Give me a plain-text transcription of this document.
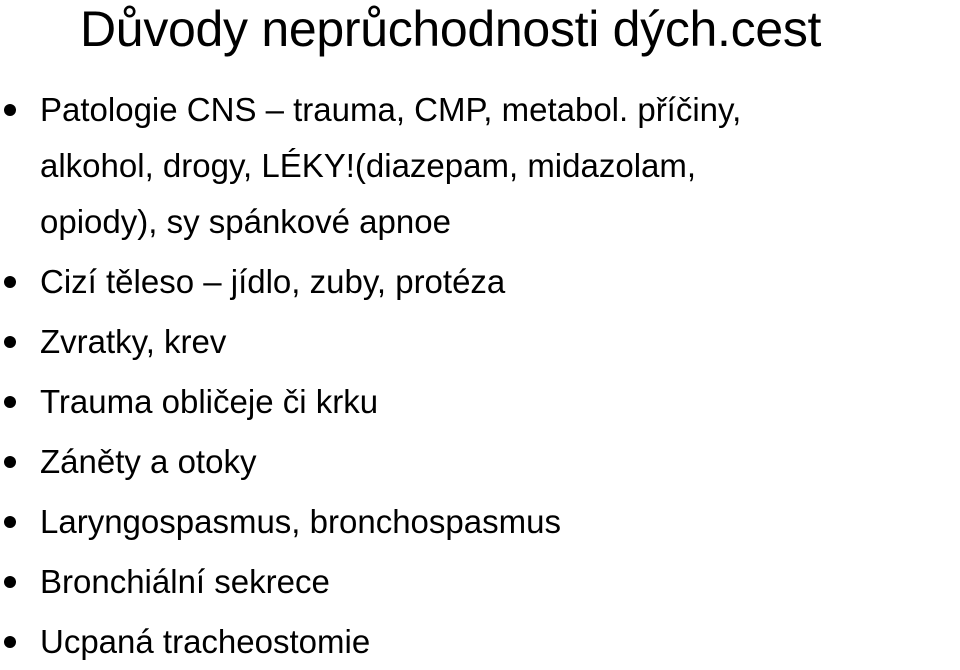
Důvody neprůchodnosti dých.cest
Patologie CNS – trauma, CMP, metabol. příčiny,
alkohol, drogy, LÉKY!(diazepam, midazolam,
opiody), sy spánkové apnoe
Cizí těleso – jídlo, zuby, protéza
Zvratky, krev
Trauma obličeje či krku
Záněty a otoky
Laryngospasmus, bronchospasmus
Bronchiální sekrece
Ucpaná tracheostomie
